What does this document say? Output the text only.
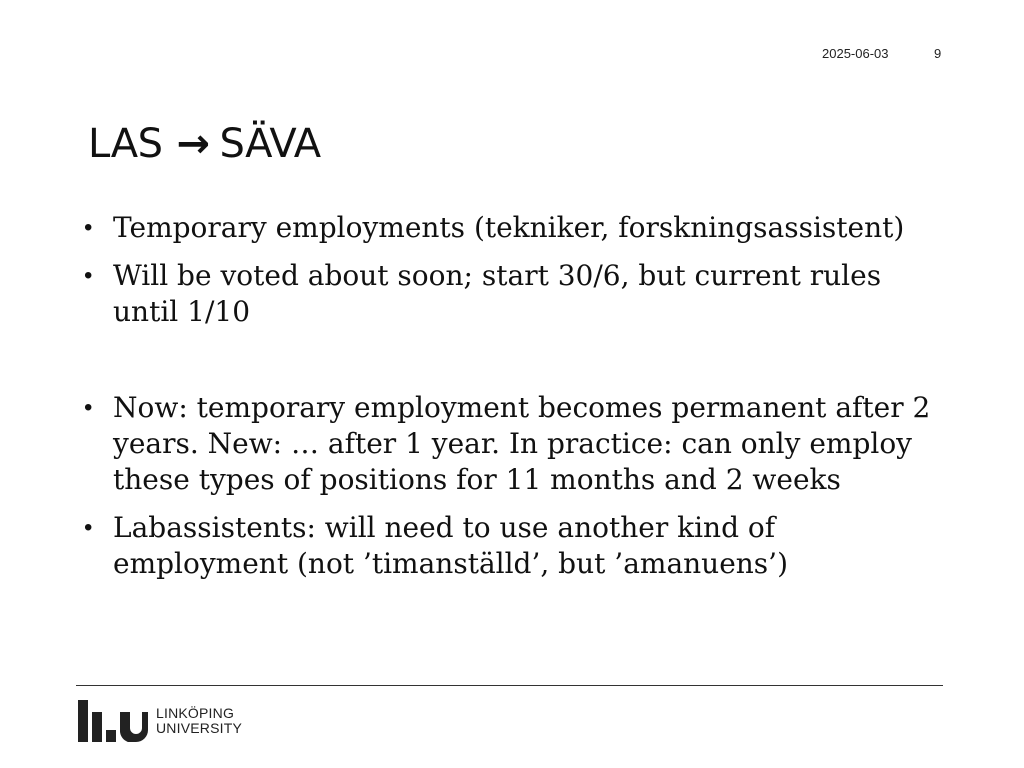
2025-06-03	9
LAS → SÄVA
• Temporary employments (tekniker, forskningsassistent)
• Will be voted about soon; start 30/6, but current rules until 1/10
• Now: temporary employment becomes permanent after 2 years. New: … after 1 year. In practice: can only employ these types of positions for 11 months and 2 weeks
• Labassistents: will need to use another kind of employment (not ’timanställd’, but ’amanuens’)
LINKÖPING
UNIVERSITY
